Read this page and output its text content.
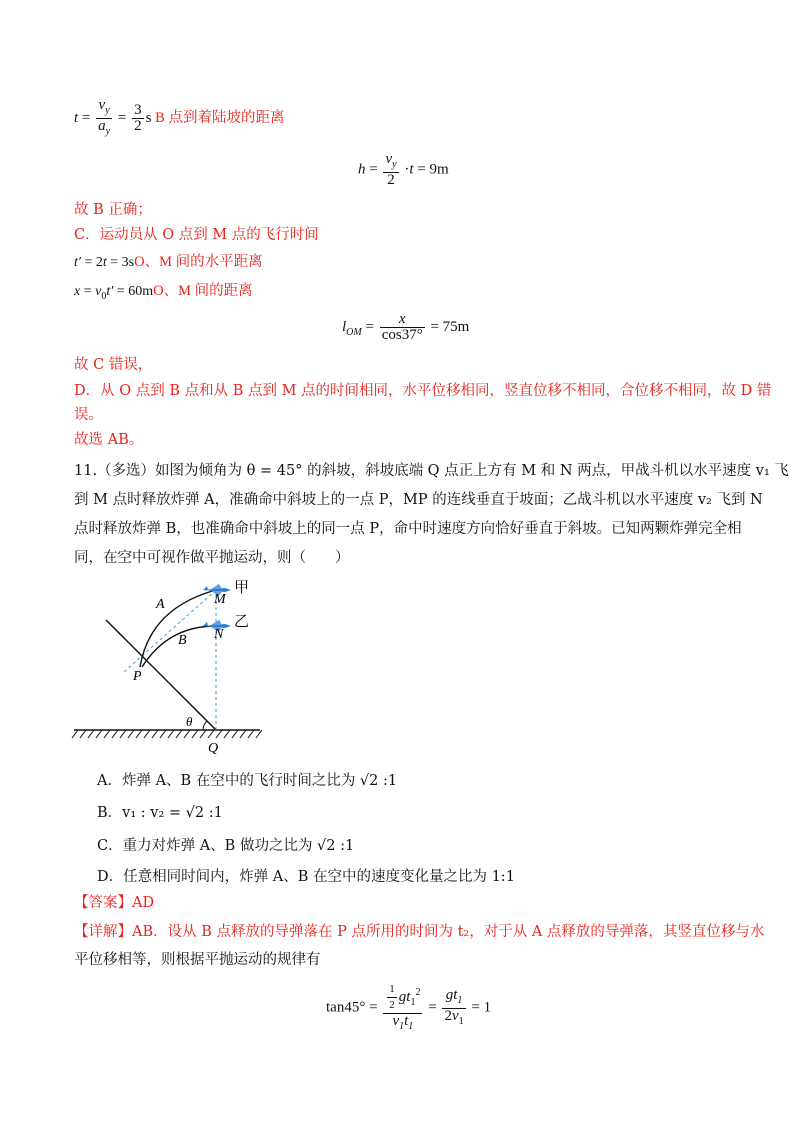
$t = \frac{v_y}{a_y} = \frac{3}{2}$ s B 点到着陆坡的距离
$h = \frac{v_y}{2} \cdot t = 9m$
故 B 正确；
C．运动员从 O 点到 M 点的飞行时间
t′ = 2t = 3sO、M 间的水平距离
$x = v_0t' = 60mO$、M 间的距离
$l_{OM} = \frac{x}{\cos 37^\circ} = 75m$
故 C 错误，
D．从 O 点到 B 点和从 B 点到 M 点的时间相同，水平位移相同，竖直位移不相同，合位移不相同，故 D 错
误。
故选 AB。
11.（多选）如图为倾角为 θ = 45° 的斜坡，斜坡底端 Q 点正上方有 M 和 N 两点，甲战斗机以水平速度 v₁ 飞
到 M 点时释放炸弹 A，准确命中斜坡上的一点 P，MP 的连线垂直于坡面；乙战斗机以水平速度 v₂ 飞到 N
点时释放炸弹 B，也准确命中斜坡上的同一点 P，命中时速度方向恰好垂直于斜坡。已知两颗炸弹完全相
同，在空中可视作做平抛运动，则（　　）
甲
乙
A
B
M
N
P
Q
θ
A．炸弹 A、B 在空中的飞行时间之比为 √2 :1
B．v₁ : v₂ = √2 :1
C．重力对炸弹 A、B 做功之比为 √2 :1
D．任意相同时间内，炸弹 A、B 在空中的速度变化量之比为 1:1
【答案】AD
【详解】AB．设从 B 点释放的导弹落在 P 点所用的时间为 t₂，对于从 A 点释放的导弹落，其竖直位移与水
平位移相等，则根据平抛运动的规律有
$\tan 45^\circ = \frac{\frac{1}{2} gt_1^2}{v_1t_1} = \frac{gt_1}{2v_1} = 1$
